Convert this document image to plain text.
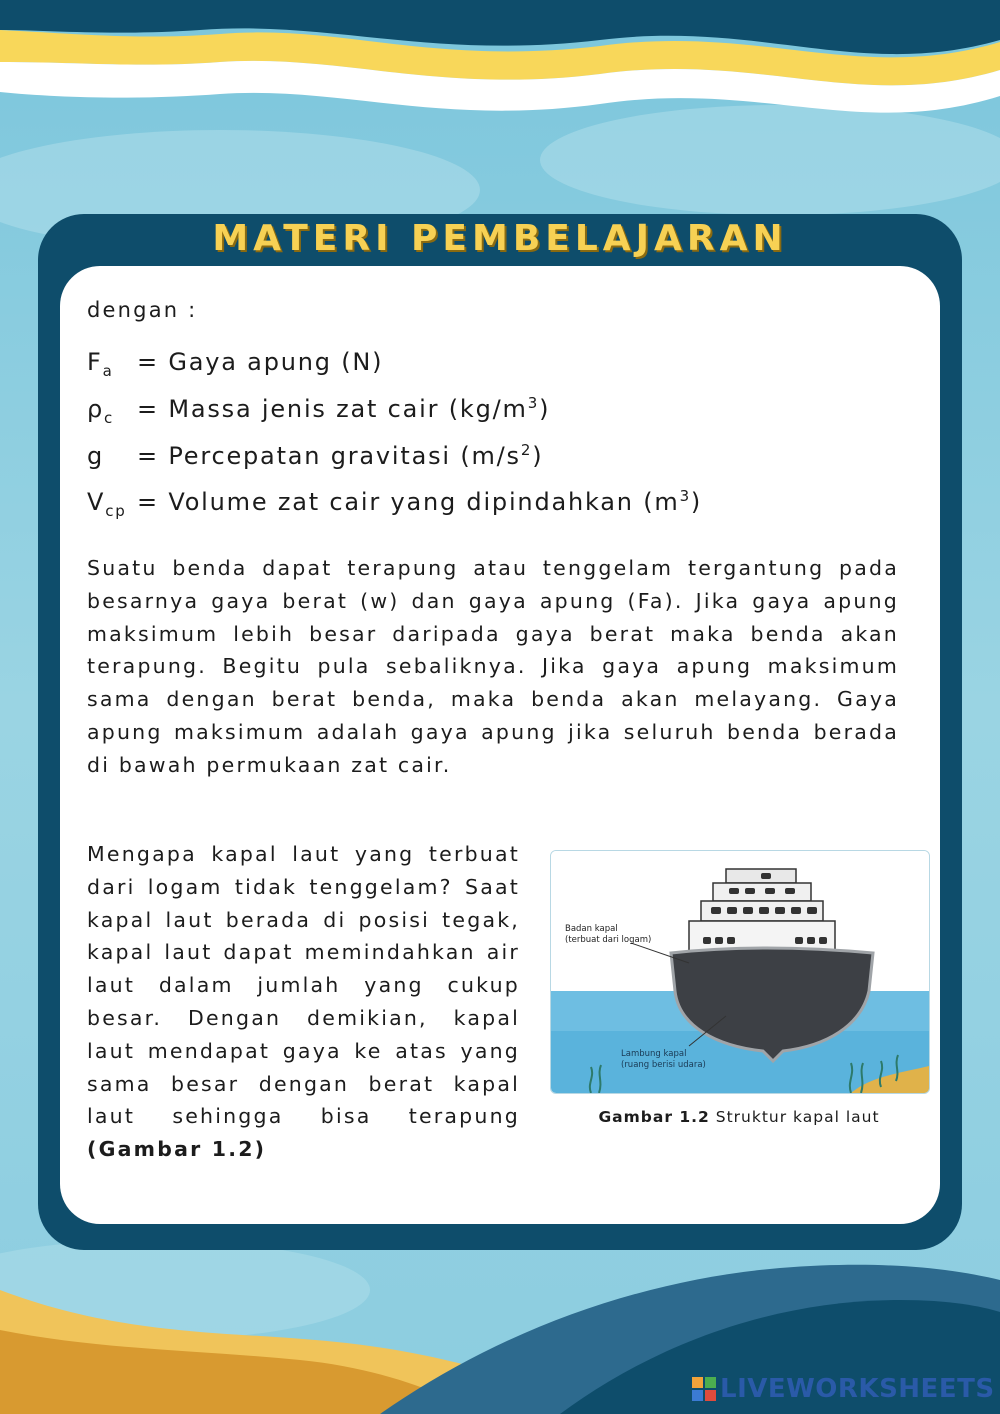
MATERI PEMBELAJARAN
dengan :
$F_a$ = Gaya apung (N)
$\rho_c$ = Massa jenis zat cair $(kg/m^3)$
g = Percepatan gravitasi $(m/s^2)$
$V_{cp}$ = Volume zat cair yang dipindahkan $(m^3)$
Suatu benda dapat terapung atau tenggelam tergantung pada besarnya gaya berat (w) dan gaya apung (Fa). Jika gaya apung maksimum lebih besar daripada gaya berat maka benda akan terapung. Begitu pula sebaliknya. Jika gaya apung maksimum sama dengan berat benda, maka benda akan melayang. Gaya apung maksimum adalah gaya apung jika seluruh benda berada di bawah permukaan zat cair.
Mengapa kapal laut yang terbuat dari logam tidak tenggelam? Saat kapal laut berada di posisi tegak, kapal laut dapat memindahkan air laut dalam jumlah yang cukup besar. Dengan demikian, kapal laut mendapat gaya ke atas yang sama besar dengan berat kapal laut sehingga bisa terapung (Gambar 1.2)
Badan kapal
(terbuat dari logam)
Lambung kapal
(ruang berisi udara)
Gambar 1.2 Struktur kapal laut
LIVEWORKSHEETS
